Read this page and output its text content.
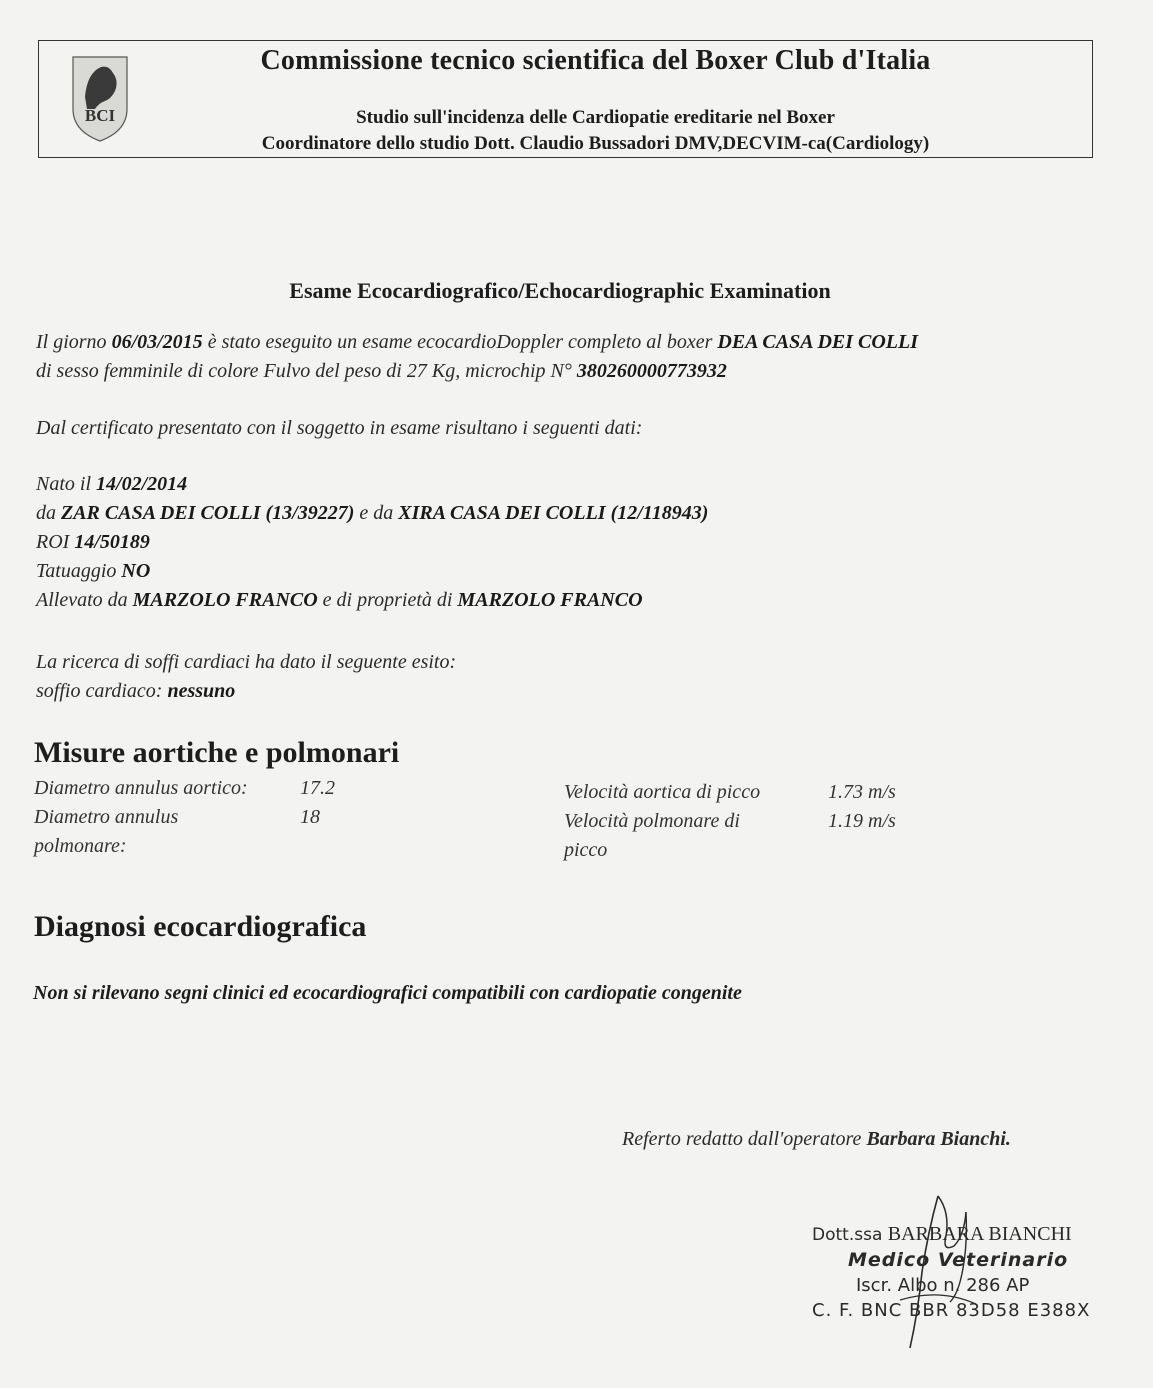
BCI
Commissione tecnico scientifica del Boxer Club d'Italia
Studio sull'incidenza delle Cardiopatie ereditarie nel Boxer
Coordinatore dello studio Dott. Claudio Bussadori DMV,DECVIM-ca(Cardiology)
Esame Ecocardiografico/Echocardiographic Examination
Il giorno 06/03/2015 è stato eseguito un esame ecocardioDoppler completo al boxer DEA CASA DEI COLLI
di sesso femminile di colore Fulvo del peso di 27 Kg, microchip N° 380260000773932
Dal certificato presentato con il soggetto in esame risultano i seguenti dati:
Nato il 14/02/2014
da ZAR CASA DEI COLLI (13/39227) e da XIRA CASA DEI COLLI (12/118943)
ROI 14/50189
Tatuaggio NO
Allevato da MARZOLO FRANCO e di proprietà di MARZOLO FRANCO
La ricerca di soffi cardiaci ha dato il seguente esito:
soffio cardiaco: nessuno
Misure aortiche e polmonari
Diametro annulus aortico:	17.2
Diametro annulus
polmonare:
18
Velocità aortica di picco	1.73 m/s
Velocità polmonare di
picco
1.19 m/s
Diagnosi ecocardiografica
Non si rilevano segni clinici ed ecocardiografici compatibili con cardiopatie congenite
Referto redatto dall'operatore Barbara Bianchi.
Dott.ssa BARBARA BIANCHI
Medico Veterinario
Iscr. Albo n. 286 AP
C. F. BNC BBR 83D58 E388X
